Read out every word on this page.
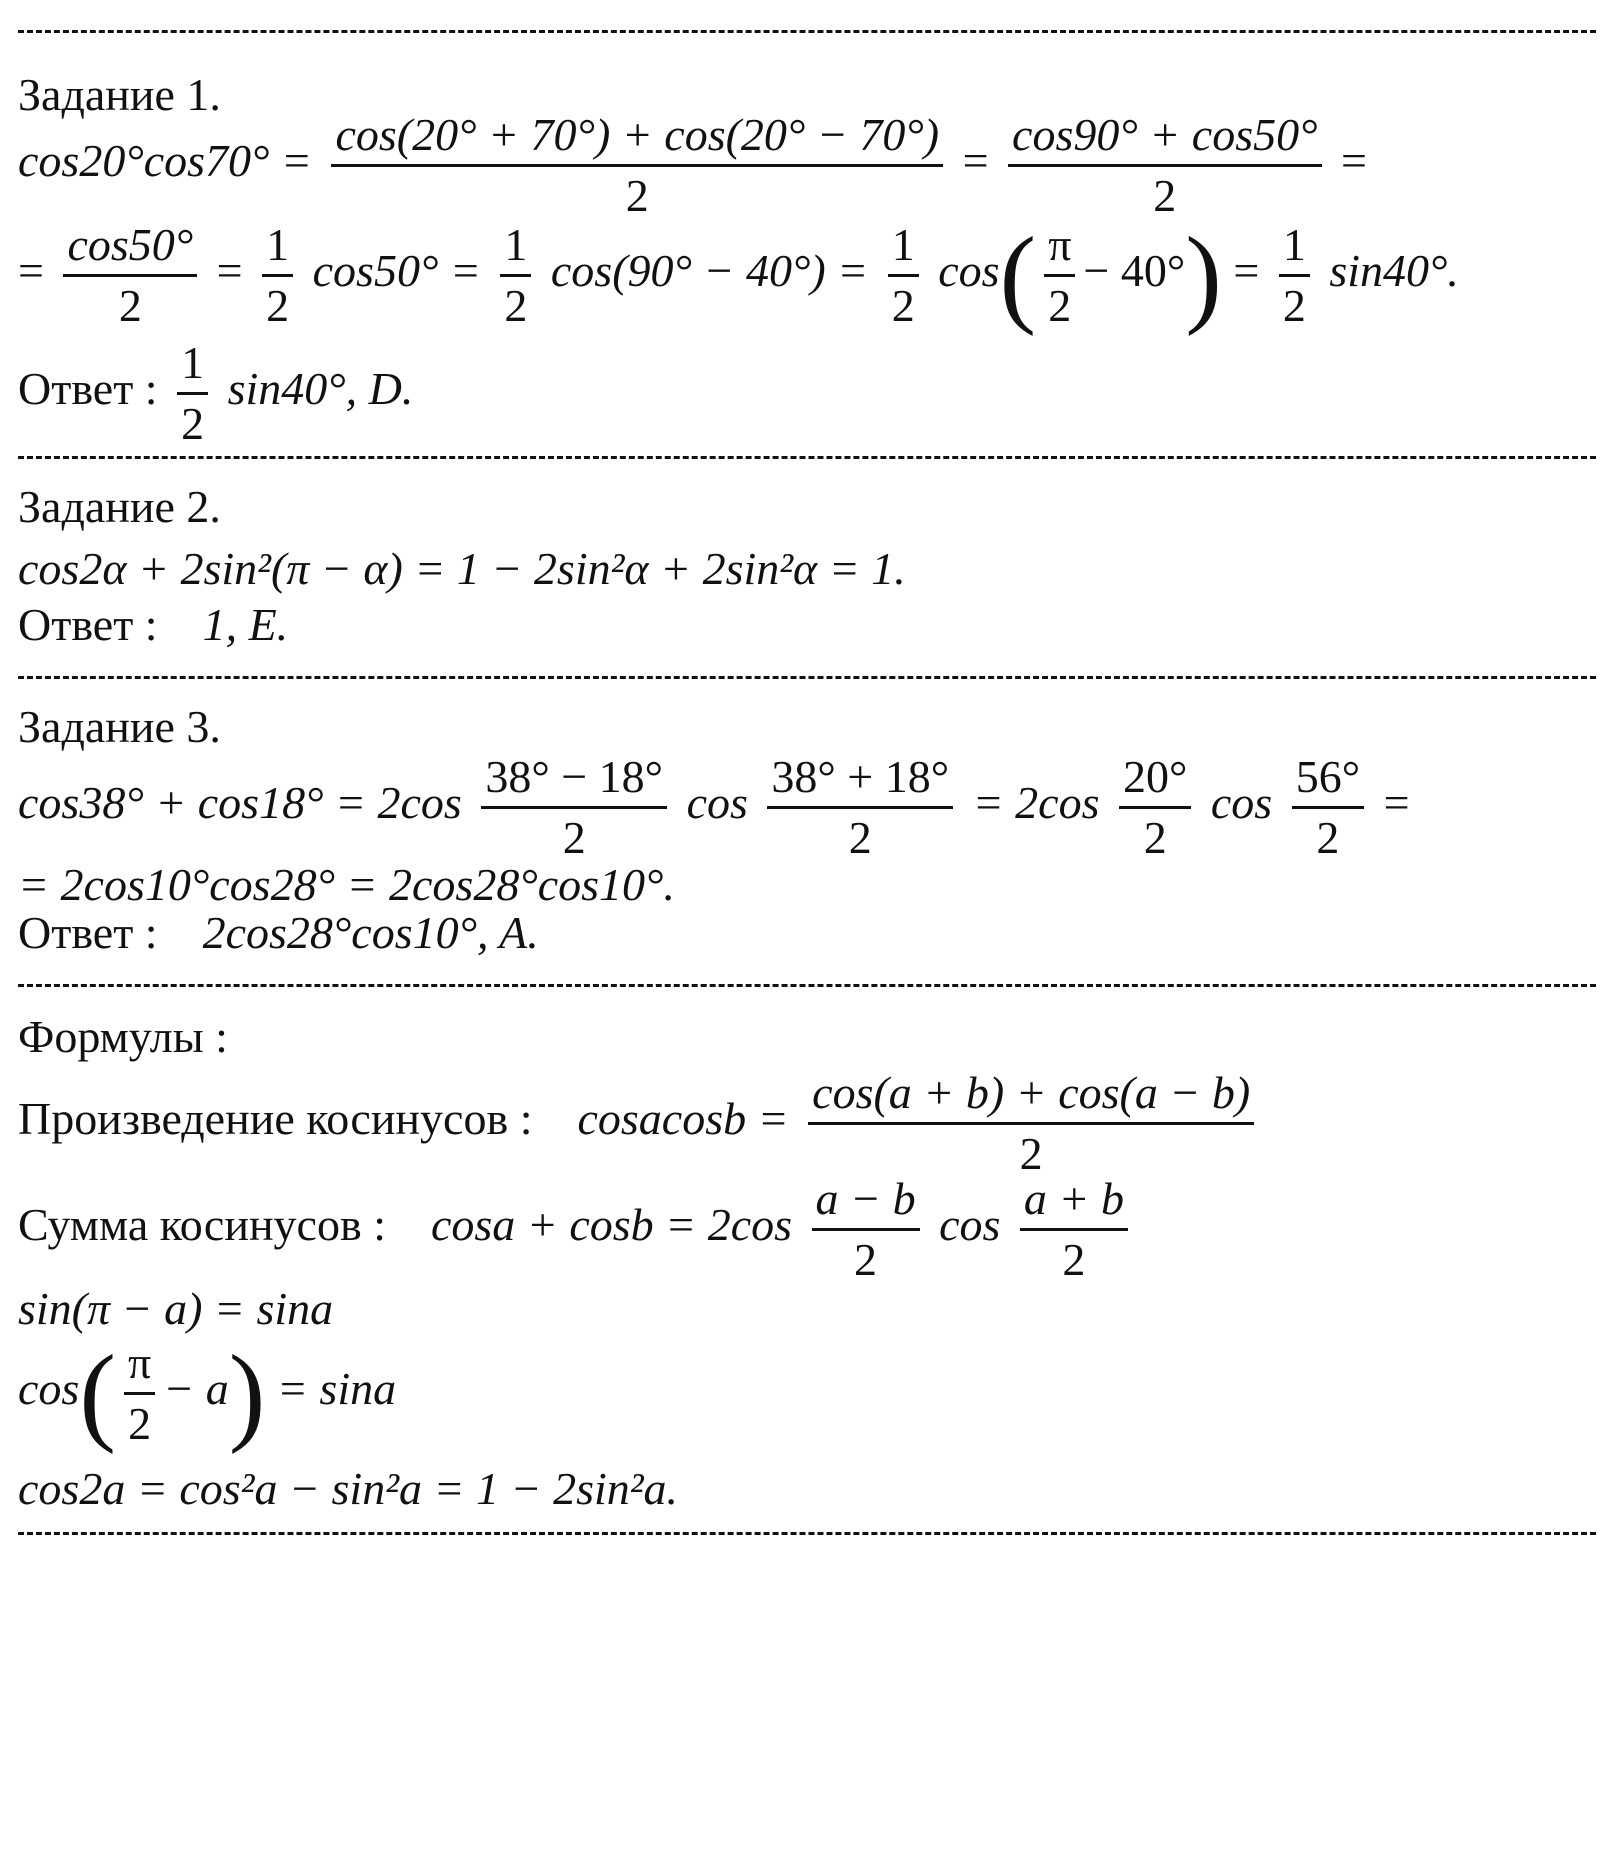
Задание 1.
$\cos 20^\circ\cos 70^\circ = \frac{\cos(20^\circ + 70^\circ) + \cos(20^\circ - 70^\circ)}{2} = \frac{\cos 90^\circ + \cos 50^\circ}{2}$ =
= $\frac{\cos 50^\circ}{2} = \frac{1}{2} \cos 50^\circ = \frac{1}{2} \cos(90^\circ - 40^\circ) = \frac{1}{2} \cos( \frac{\pi}{2} - 40^\circ) = \frac{1}{2} \sin 40^\circ$.
Ответ : $\frac{1}{2} \sin 40^\circ$, D.
Задание 2.
cos2α + 2sin²(π − α) = 1 − 2sin²α + 2sin²α = 1.
Ответ : 1, E.
Задание 3.
$\cos 38^\circ + \cos 18^\circ = 2\cos \frac{38^\circ - 18^\circ}{2}$ $\cos \frac{38^\circ + 18^\circ}{2} = 2\cos \frac{20^\circ}{2}$ $\cos \frac{56^\circ}{2}$ =
= 2cos10°cos28° = 2cos28°cos10°.
Ответ : 2cos28°cos10°, A.
Формулы :
Произведение косинусов : cosacosb = $\frac{\cos(a + b) + \cos(a - b)}{2}$
Сумма косинусов : $\cos a + \cos b = 2\cos \frac{a - b}{2}$ $\cos \frac{a + b}{2}$
sin(π − a) = sina
$\cos( \frac{\pi}{2} - a) = \sin a$
cos2a = cos²a − sin²a = 1 − 2sin²a.
